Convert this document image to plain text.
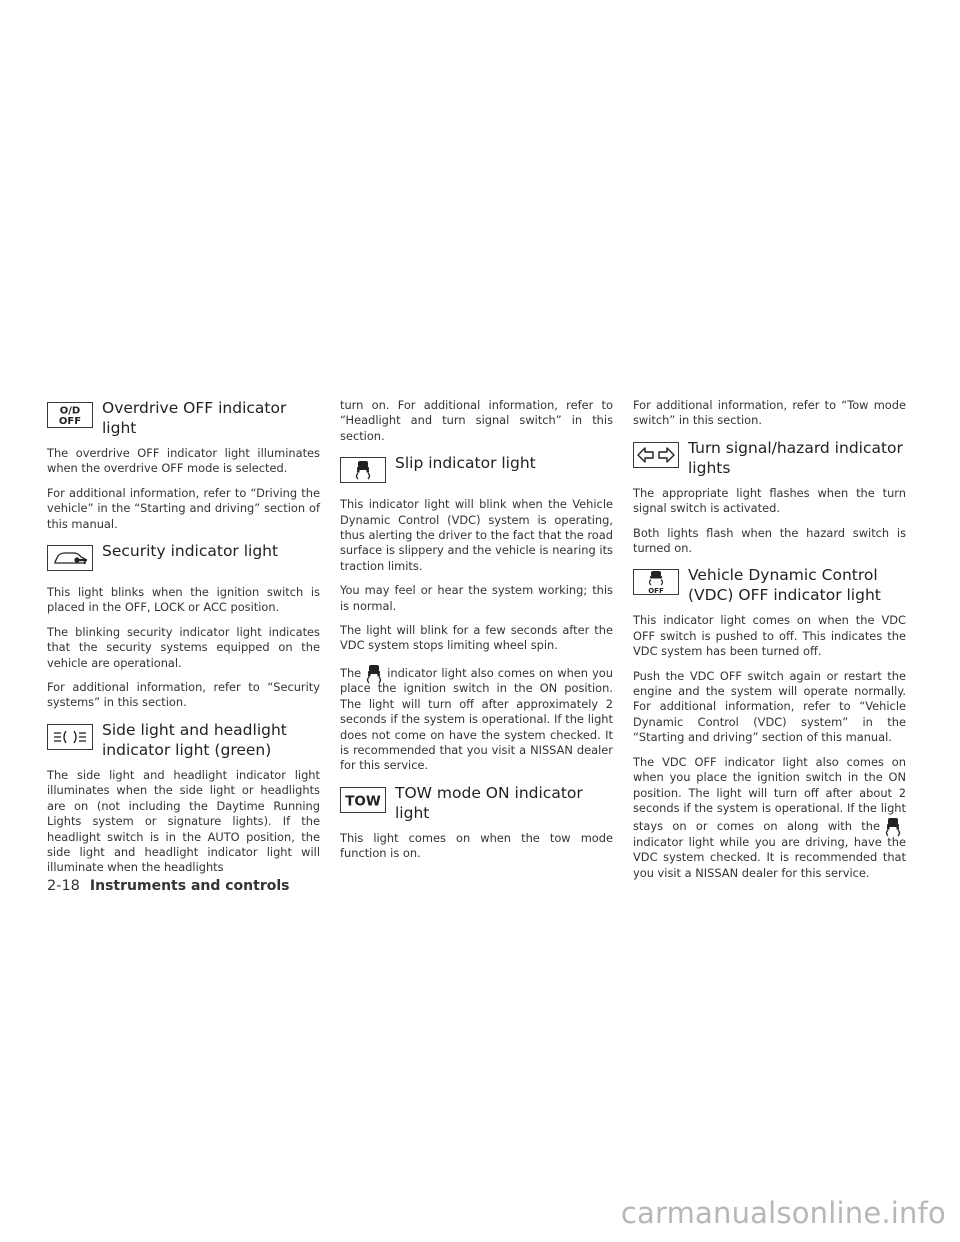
O/D
OFF
Overdrive OFF indicator light

The overdrive OFF indicator light illuminates when the overdrive OFF mode is selected.

For additional information, refer to “Driving the vehicle” in the “Starting and driving” section of this manual.

Security indicator light

This light blinks when the ignition switch is placed in the OFF, LOCK or ACC position.

The blinking security indicator light indicates that the security systems equipped on the vehicle are operational.

For additional information, refer to “Security systems” in this section.

Side light and headlight indicator light (green)

The side light and headlight indicator light illuminates when the side light or headlights are on (not including the Daytime Running Lights system or signature lights). If the headlight switch is in the AUTO position, the side light and headlight indicator light will illuminate when the headlights

turn on. For additional information, refer to “Headlight and turn signal switch” in this section.

Slip indicator light

This indicator light will blink when the Vehicle Dynamic Control (VDC) system is operating, thus alerting the driver to the fact that the road surface is slippery and the vehicle is nearing its traction limits.

You may feel or hear the system working; this is normal.

The light will blink for a few seconds after the VDC system stops limiting wheel spin.

The indicator light also comes on when you place the ignition switch in the ON position. The light will turn off after approximately 2 seconds if the system is operational. If the light does not come on have the system checked. It is recommended that you visit a NISSAN dealer for this service.

TOW TOW mode ON indicator light

This light comes on when the tow mode function is on.

For additional information, refer to “Tow mode switch” in this section.

Turn signal/hazard indicator lights

The appropriate light flashes when the turn signal switch is activated.

Both lights flash when the hazard switch is turned on.

OFF
Vehicle Dynamic Control (VDC) OFF indicator light

This indicator light comes on when the VDC OFF switch is pushed to off. This indicates the VDC system has been turned off.

Push the VDC OFF switch again or restart the engine and the system will operate normally. For additional information, refer to “Vehicle Dynamic Control (VDC) system” in the “Starting and driving” section of this manual.

The VDC OFF indicator light also comes on when you place the ignition switch in the ON position. The light will turn off after about 2 seconds if the system is operational. If the light stays on or comes on along with the
indicator light while you are driving, have the VDC system checked. It is recommended that you visit a NISSAN dealer for this service.

2-18 Instruments and controls
carmanualsonline.info
